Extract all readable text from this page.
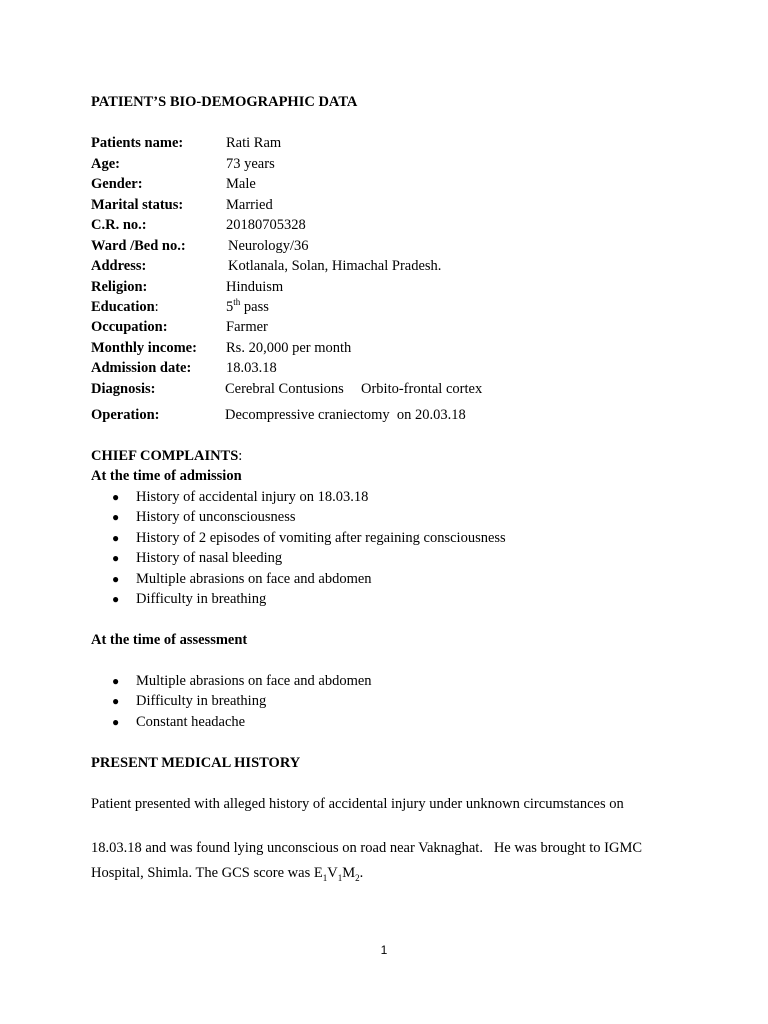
PATIENT’S BIO-DEMOGRAPHIC DATA
Patients name:	Rati Ram
Age:	73 years
Gender:	Male
Marital status:	Married
C.R. no.:	20180705328
Ward /Bed no.:	Neurology/36
Address:	Kotlanala, Solan, Himachal Pradesh.
Religion:	Hinduism
Education:	5th pass
Occupation:	Farmer
Monthly income: Rs. 20,000 per month
Admission date: 18.03.18
Diagnosis:	Cerebral Contusions Orbito-frontal cortex
Operation:	Decompressive craniectomy  on 20.03.18
CHIEF COMPLAINTS:
At the time of admission
● History of accidental injury on 18.03.18
● History of unconsciousness
● History of 2 episodes of vomiting after regaining consciousness
● History of nasal bleeding
● Multiple abrasions on face and abdomen
● Difficulty in breathing
At the time of assessment
● Multiple abrasions on face and abdomen
● Difficulty in breathing
● Constant headache
PRESENT MEDICAL HISTORY
Patient presented with alleged history of accidental injury under unknown circumstances on
18.03.18 and was found lying unconscious on road near Vaknaghat.   He was brought to IGMC
Hospital, Shimla. The GCS score was $E_1V_1M_2$.
1
